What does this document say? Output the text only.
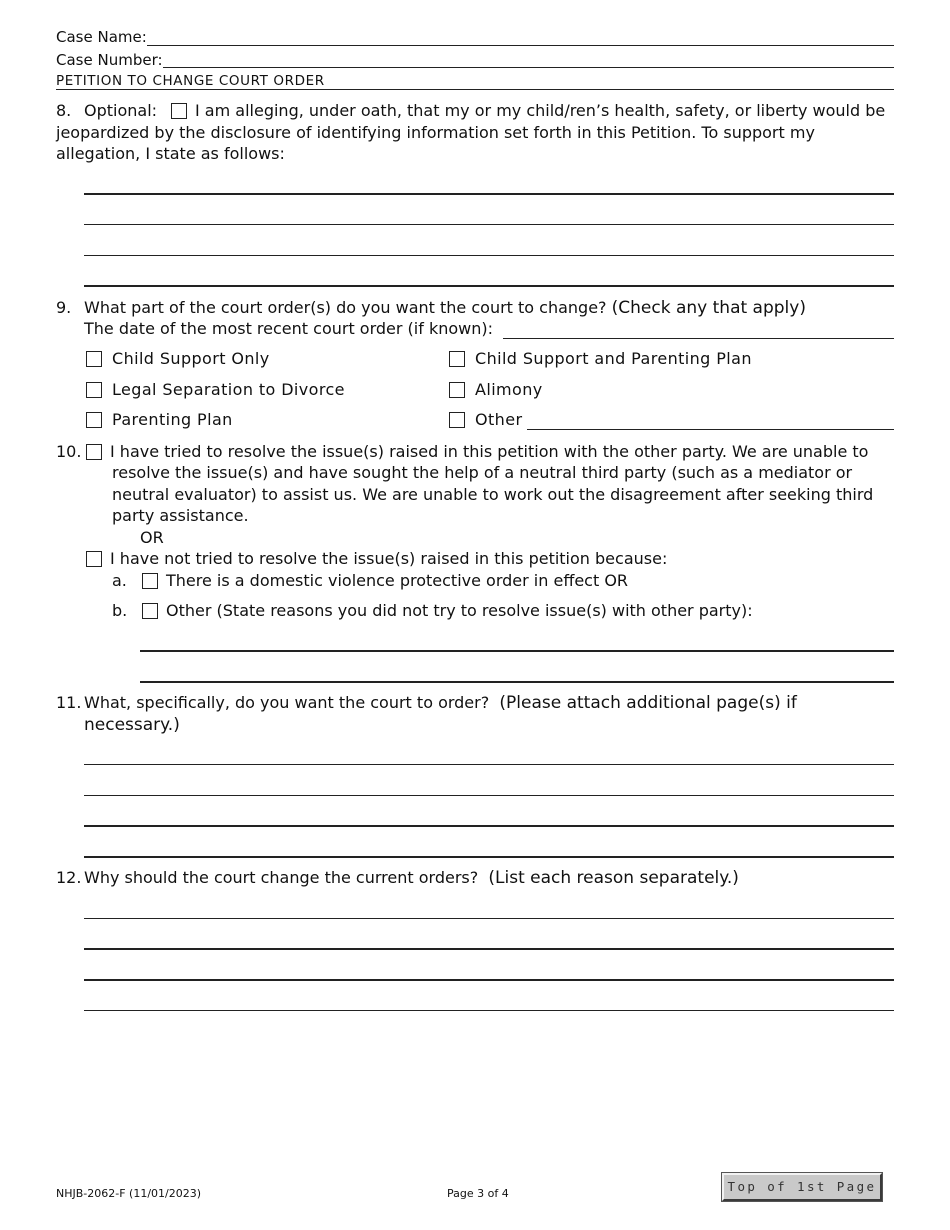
Case Name:
Case Number:
PETITION TO CHANGE COURT ORDER
8. Optional: I am alleging, under oath, that my or my child/ren’s health, safety, or liberty would be
jeopardized by the disclosure of identifying information set forth in this Petition. To support my
allegation, I state as follows:
9. What part of the court order(s) do you want the court to change? (Check any that apply)
The date of the most recent court order (if known):
Child Support Only	Child Support and Parenting Plan
Legal Separation to Divorce	Alimony
Parenting Plan	Other
10. I have tried to resolve the issue(s) raised in this petition with the other party. We are unable to
resolve the issue(s) and have sought the help of a neutral third party (such as a mediator or
neutral evaluator) to assist us. We are unable to work out the disagreement after seeking third
party assistance.
OR
I have not tried to resolve the issue(s) raised in this petition because:
a. There is a domestic violence protective order in effect OR
b. Other (State reasons you did not try to resolve issue(s) with other party):
11. What, specifically, do you want the court to order? (Please attach additional page(s) if
necessary.)
12. Why should the court change the current orders? (List each reason separately.)
NHJB-2062-F (11/01/2023)	Page 3 of 4	Top of 1st Page
